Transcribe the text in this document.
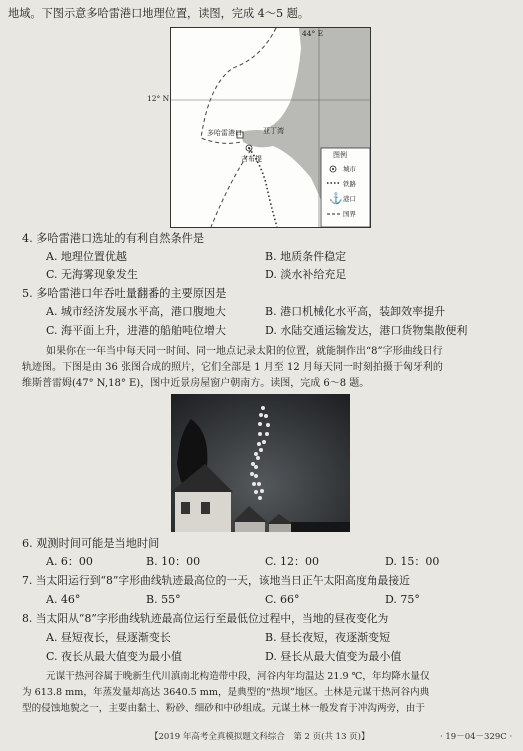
地域。下图示意多哈雷港口地理位置，读图，完成 4～5 题。
⚓
44° E
12° N
多哈雷港口
吉布提
亚丁湾
图例
城市
铁路
港口
国界
4. 多哈雷港口选址的有利自然条件是
A. 地理位置优越	B. 地质条件稳定
C. 无海雾现象发生	D. 淡水补给充足
5. 多哈雷港口年吞吐量翻番的主要原因是
A. 城市经济发展水平高，港口腹地大	B. 港口机械化水平高，装卸效率提升
C. 海平面上升，进港的船舶吨位增大	D. 水陆交通运输发达，港口货物集散便利
如果你在一年当中每天同一时间、同一地点记录太阳的位置，就能制作出“8”字形曲线日行
轨迹图。下图是由 36 张图合成的照片，它们全部是 1 月至 12 月每天同一时刻拍摄于匈牙利的
维斯普雷姆(47° N,18° E)，图中近景房屋窗户朝南方。读图，完成 6～8 题。
6. 观测时间可能是当地时间
A. 6：00	B. 10：00	C. 12：00	D. 15：00
7. 当太阳运行到“8”字形曲线轨迹最高位的一天，该地当日正午太阳高度角最接近
A. 46°	B. 55°	C. 66°	D. 75°
8. 当太阳从“8”字形曲线轨迹最高位运行至最低位过程中，当地的昼夜变化为
A. 昼短夜长，昼逐渐变长	B. 昼长夜短，夜逐渐变短
C. 夜长从最大值变为最小值	D. 昼长从最大值变为最小值
元谋干热河谷属于晚新生代川滇南北构造带中段，河谷内年均温达 21.9 ℃，年均降水量仅
为 613.8 mm，年蒸发量却高达 3640.5 mm，是典型的“热坝”地区。土林是元谋干热河谷内典
型的侵蚀地貌之一，主要由黏土、粉砂、细砂和中砂组成。元谋土林一般发育于冲沟两旁，由于
【2019 年高考全真模拟题文科综合　第 2 页(共 13 页)】	· 19－04－329C ·
